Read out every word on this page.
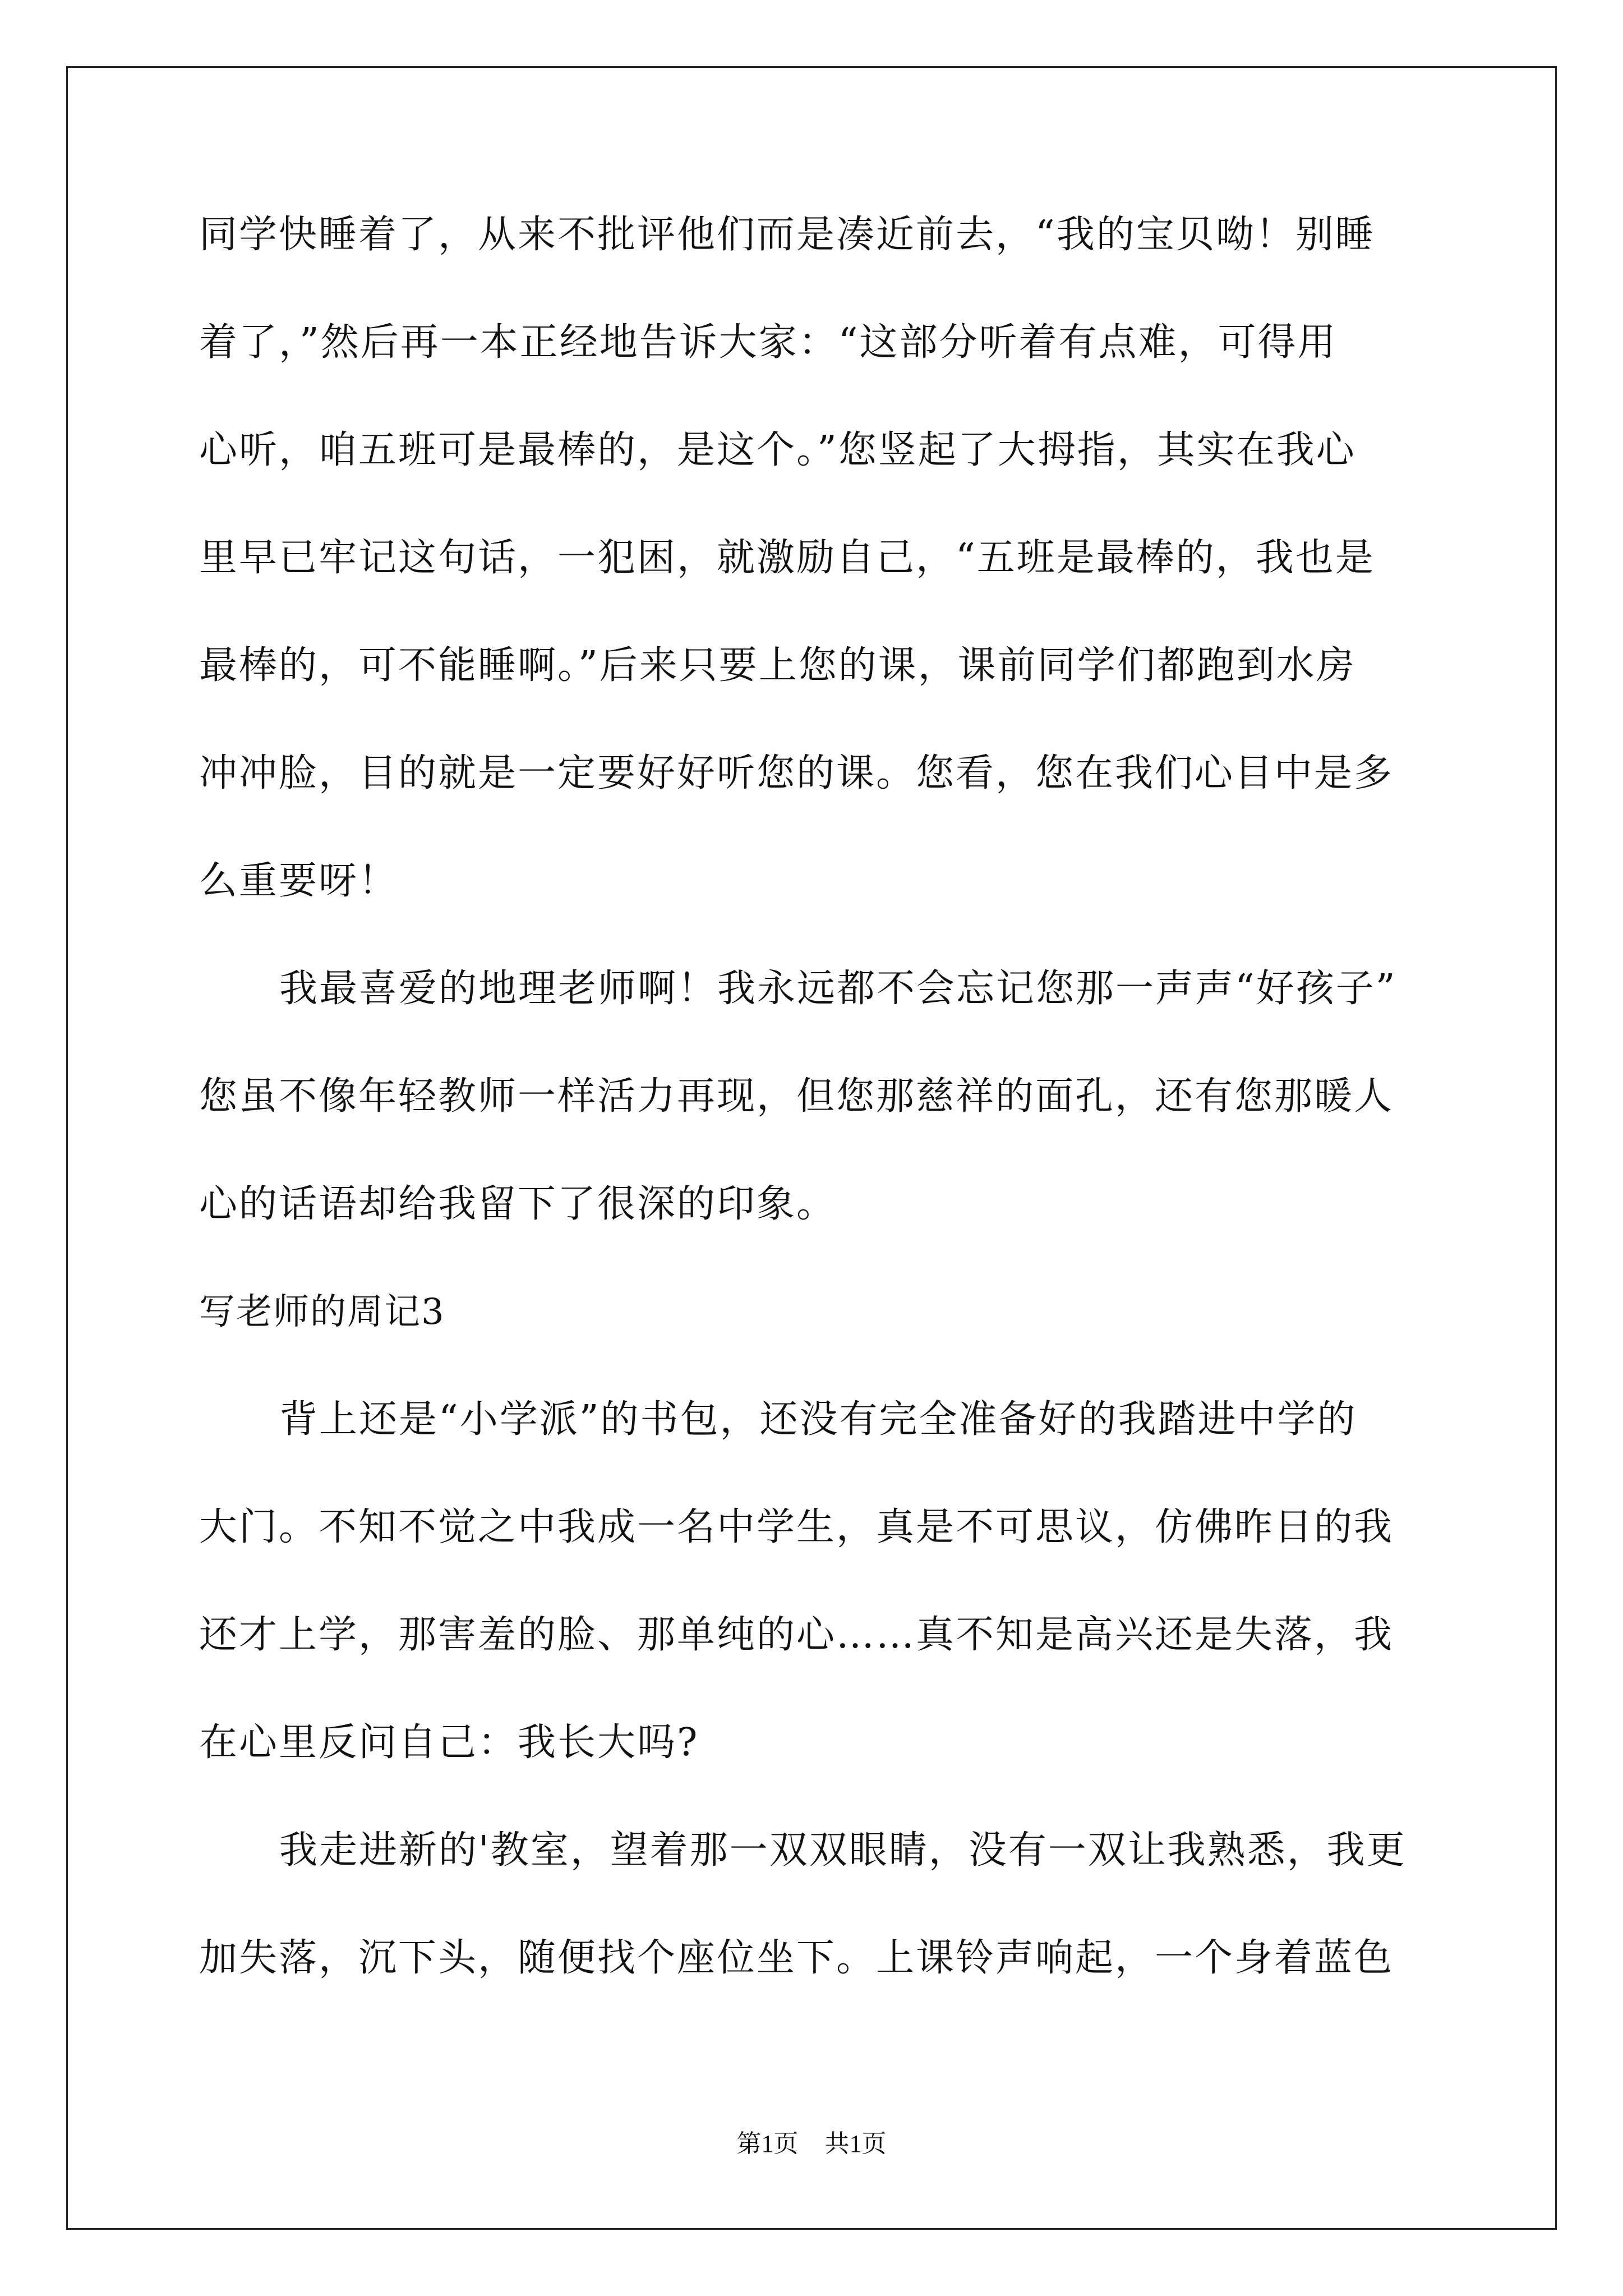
同学快睡着了，从来不批评他们而是凑近前去，“我的宝贝呦！别睡
着了，”然后再一本正经地告诉大家：“这部分听着有点难，可得用
心听，咱五班可是最棒的，是这个。”您竖起了大拇指，其实在我心
里早已牢记这句话，一犯困，就激励自己，“五班是最棒的，我也是
最棒的，可不能睡啊。”后来只要上您的课，课前同学们都跑到水房
冲冲脸，目的就是一定要好好听您的课。您看，您在我们心目中是多
么重要呀！
我最喜爱的地理老师啊！我永远都不会忘记您那一声声“好孩子”
您虽不像年轻教师一样活力再现，但您那慈祥的面孔，还有您那暖人
心的话语却给我留下了很深的印象。
写老师的周记3
背上还是“小学派”的书包，还没有完全准备好的我踏进中学的
大门。不知不觉之中我成一名中学生，真是不可思议，仿佛昨日的我
还才上学，那害羞的脸、那单纯的心……真不知是高兴还是失落，我
在心里反问自己：我长大吗?
我走进新的'教室，望着那一双双眼睛，没有一双让我熟悉，我更
加失落，沉下头，随便找个座位坐下。上课铃声响起，一个身着蓝色
第1页 共1页
